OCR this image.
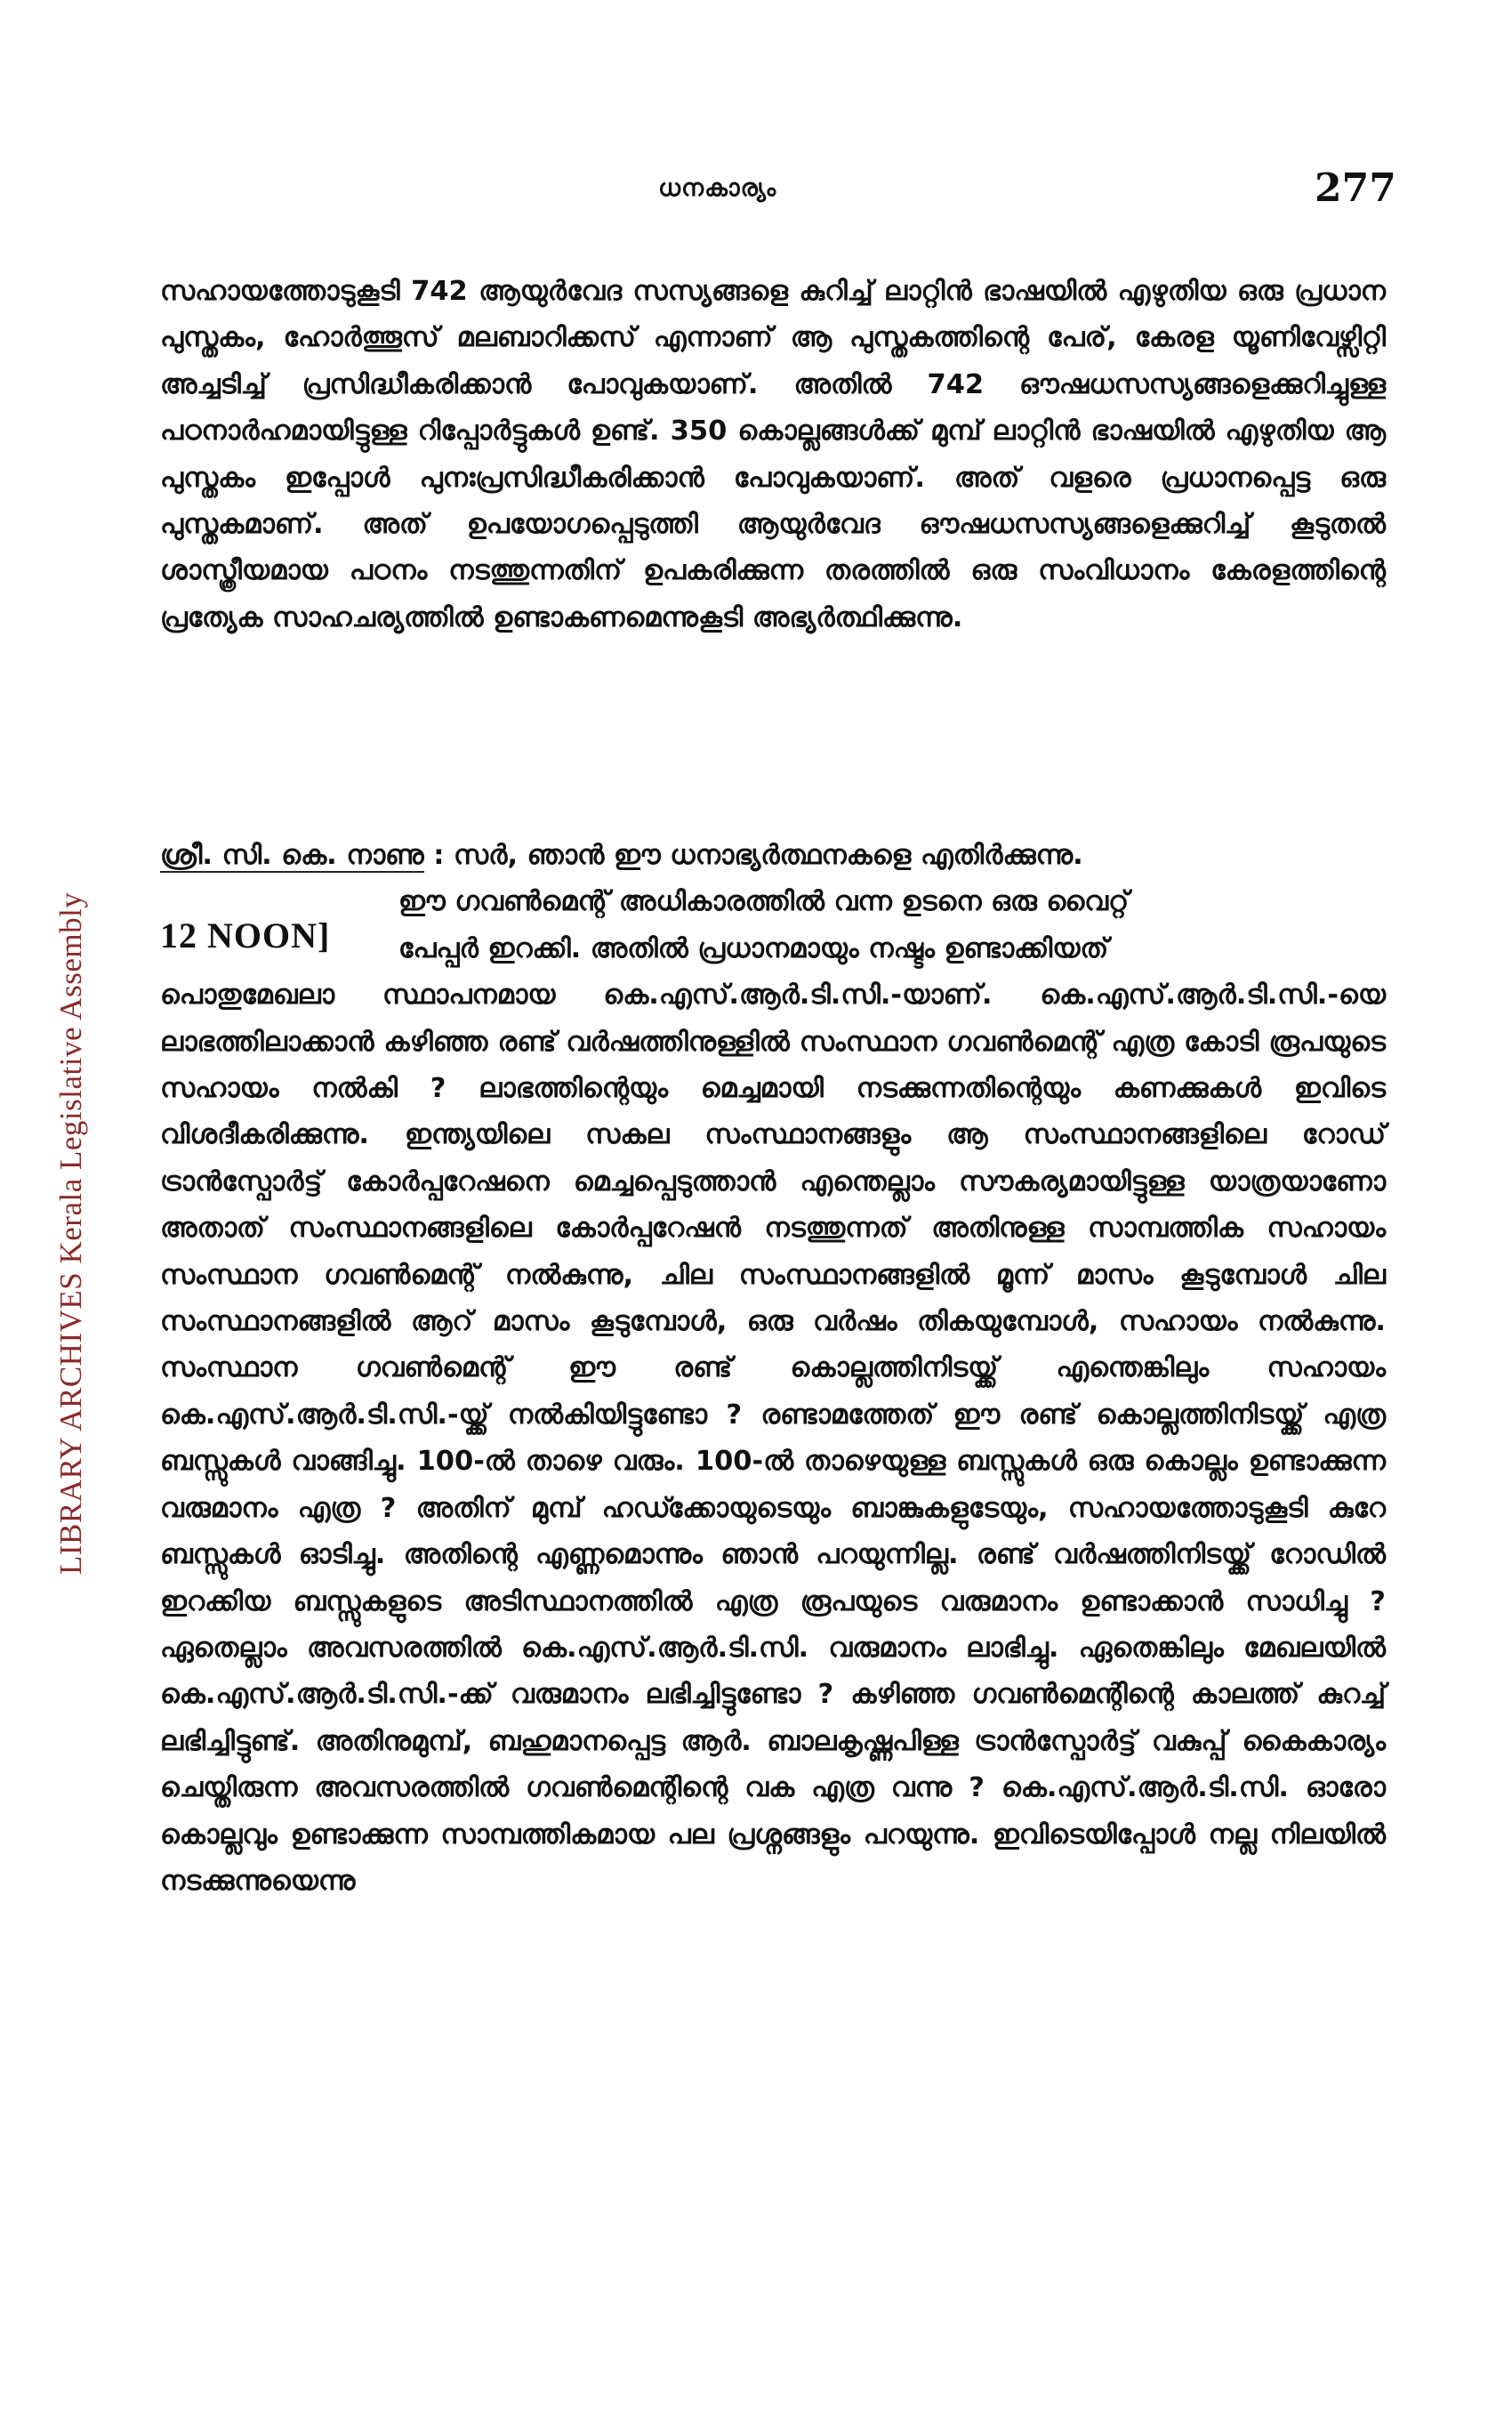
ധനകാര്യം	277
LIBRARY ARCHIVES Kerala Legislative Assembly 12 NOON]

സഹായത്തോടുകൂടി 742 ആയുർവേദ സസ്യങ്ങളെ കുറിച്ച് ലാറ്റിൻ ഭാഷയിൽ എഴുതിയ ഒരു പ്രധാന പുസ്തകം, ഹോർത്തൂസ് മലബാറിക്കസ് എന്നാണ് ആ പുസ്തകത്തിന്റെ പേര്, കേരള യൂണിവേഴ്സിറ്റി അച്ചടിച്ച് പ്രസിദ്ധീകരിക്കാൻ പോവുകയാണ്. അതിൽ 742 ഔഷധസസ്യങ്ങളെക്കുറിച്ചുള്ള പഠനാർഹമായിട്ടുള്ള റിപ്പോർട്ടുകൾ ഉണ്ട്. 350 കൊല്ലങ്ങൾക്ക് മുമ്പ് ലാറ്റിൻ ഭാഷയിൽ എഴുതിയ ആ പുസ്തകം ഇപ്പോൾ പുനഃപ്രസിദ്ധീകരിക്കാൻ പോവുകയാണ്. അത് വളരെ പ്രധാനപ്പെട്ട ഒരു പുസ്തകമാണ്. അത് ഉപയോഗപ്പെടുത്തി ആയുർവേദ ഔഷധസസ്യങ്ങളെക്കുറിച്ച് കൂടുതൽ ശാസ്ത്രീയമായ പഠനം നടത്തുന്നതിന് ഉപകരിക്കുന്ന തരത്തിൽ ഒരു സംവിധാനം കേരളത്തിന്റെ പ്രത്യേക സാഹചര്യത്തിൽ ഉണ്ടാകണമെന്നുകൂടി അഭ്യർത്ഥിക്കുന്നു.

ശ്രീ. സി. കെ. നാണു : സർ, ഞാൻ ഈ ധനാഭ്യർത്ഥനകളെ എതിർക്കുന്നു.

ഈ ഗവൺമെന്റ് അധികാരത്തിൽ വന്ന ഉടനെ ഒരു വൈറ്റ്

പേപ്പർ ഇറക്കി. അതിൽ പ്രധാനമായും നഷ്ടം ഉണ്ടാക്കിയത്

പൊതുമേഖലാ സ്ഥാപനമായ കെ.എസ്.ആർ.ടി.സി.-യാണ്. കെ.എസ്.ആർ.ടി.സി.-യെ ലാഭത്തിലാക്കാൻ കഴിഞ്ഞ രണ്ട് വർഷത്തിനുള്ളിൽ സംസ്ഥാന ഗവൺമെന്റ് എത്ര കോടി രൂപയുടെ സഹായം നൽകി ? ലാഭത്തിന്റെയും മെച്ചമായി നടക്കുന്നതിന്റെയും കണക്കുകൾ ഇവിടെ വിശദീകരിക്കുന്നു. ഇന്ത്യയിലെ സകല സംസ്ഥാനങ്ങളും ആ സംസ്ഥാനങ്ങളിലെ റോഡ് ട്രാൻസ്പോർട്ട് കോർപ്പറേഷനെ മെച്ചപ്പെടുത്താൻ എന്തെല്ലാം സൗകര്യമായിട്ടുള്ള യാത്രയാണോ അതാത് സംസ്ഥാനങ്ങളിലെ കോർപ്പറേഷൻ നടത്തുന്നത് അതിനുള്ള സാമ്പത്തിക സഹായം സംസ്ഥാന ഗവൺമെന്റ് നൽകുന്നു, ചില സംസ്ഥാനങ്ങളിൽ മൂന്ന് മാസം കൂടുമ്പോൾ ചില സംസ്ഥാനങ്ങളിൽ ആറ് മാസം കൂടുമ്പോൾ, ഒരു വർഷം തികയുമ്പോൾ, സഹായം നൽകുന്നു. സംസ്ഥാന ഗവൺമെന്റ് ഈ രണ്ട് കൊല്ലത്തിനിടയ്ക്ക് എന്തെങ്കിലും സഹായം കെ.എസ്.ആർ.ടി.സി.-യ്ക്ക് നൽകിയിട്ടുണ്ടോ ? രണ്ടാമത്തേത് ഈ രണ്ട് കൊല്ലത്തിനിടയ്ക്ക് എത്ര ബസ്സുകൾ വാങ്ങിച്ചു. 100-ൽ താഴെ വരും. 100-ൽ താഴെയുള്ള ബസ്സുകൾ ഒരു കൊല്ലം ഉണ്ടാക്കുന്ന വരുമാനം എത്ര ? അതിന് മുമ്പ് ഹഡ്ക്കോയുടെയും ബാങ്കുകളുടേയും, സഹായത്തോടുകൂടി കുറേ ബസ്സുകൾ ഓടിച്ചു. അതിന്റെ എണ്ണമൊന്നും ഞാൻ പറയുന്നില്ല. രണ്ട് വർഷത്തിനിടയ്ക്ക് റോഡിൽ ഇറക്കിയ ബസ്സുകളുടെ അടിസ്ഥാനത്തിൽ എത്ര രൂപയുടെ വരുമാനം ഉണ്ടാക്കാൻ സാധിച്ചു ? ഏതെല്ലാം അവസരത്തിൽ കെ.എസ്.ആർ.ടി.സി. വരുമാനം ലാഭിച്ചു. ഏതെങ്കിലും മേഖലയിൽ കെ.എസ്.ആർ.ടി.സി.-ക്ക് വരുമാനം ലഭിച്ചിട്ടുണ്ടോ ? കഴിഞ്ഞ ഗവൺമെന്റിന്റെ കാലത്ത് കുറച്ച് ലഭിച്ചിട്ടുണ്ട്. അതിനുമുമ്പ്, ബഹുമാനപ്പെട്ട ആർ. ബാലകൃഷ്ണപിള്ള ട്രാൻസ്പോർട്ട് വകുപ്പ് കൈകാര്യം ചെയ്തിരുന്ന അവസരത്തിൽ ഗവൺമെന്റിന്റെ വക എത്ര വന്നു ? കെ.എസ്.ആർ.ടി.സി. ഓരോ കൊല്ലവും ഉണ്ടാക്കുന്ന സാമ്പത്തികമായ പല പ്രശ്നങ്ങളും പറയുന്നു. ഇവിടെയിപ്പോൾ നല്ല നിലയിൽ നടക്കുന്നുയെന്നു
